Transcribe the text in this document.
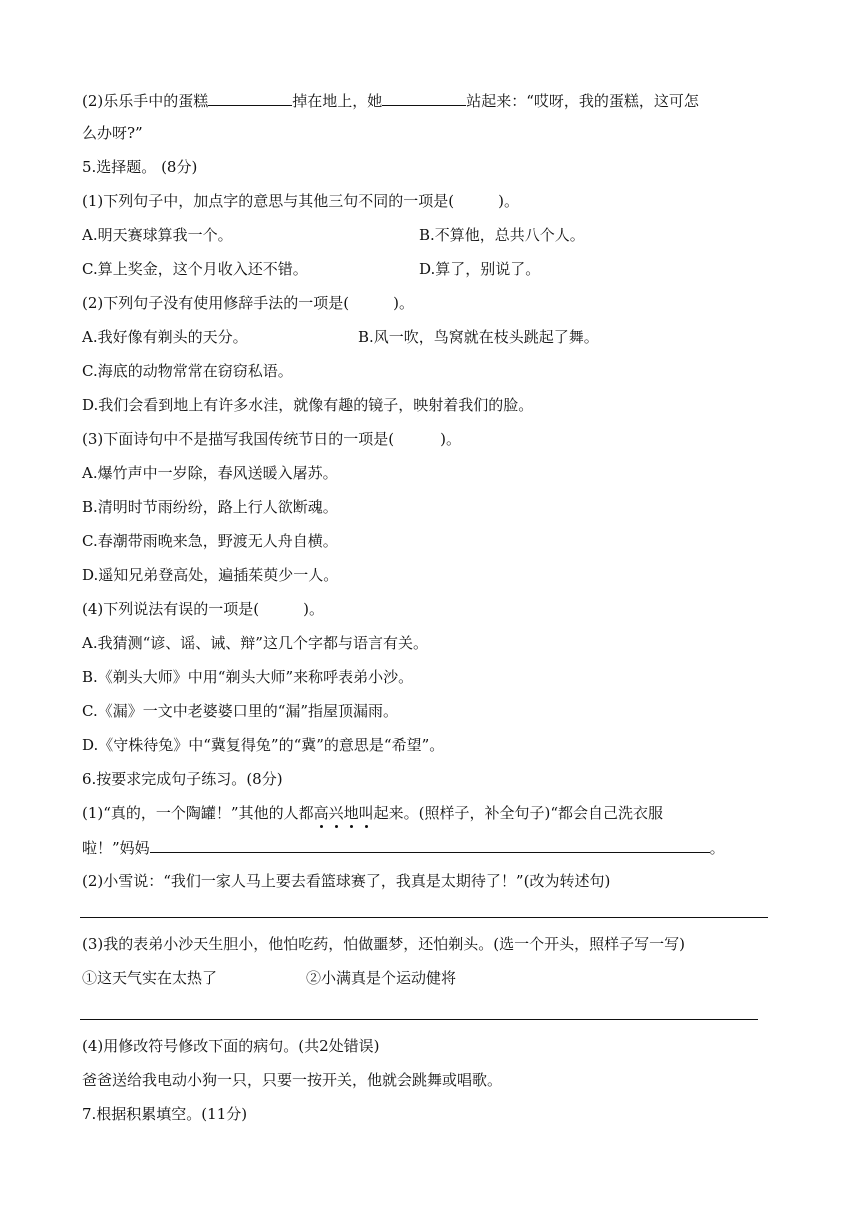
(2)乐乐手中的蛋糕	掉在地上，她	站起来：“哎呀，我的蛋糕，这可怎
么办呀?”
5.选择题。 (8分)
(1)下列句子中，加点字的意思与其他三句不同的一项是(	)。
A.明天赛球算我一个。	B.不算他，总共八个人。
C.算上奖金，这个月收入还不错。	D.算了，别说了。
(2)下列句子没有使用修辞手法的一项是(	)。
A.我好像有剃头的天分。	B.风一吹，鸟窝就在枝头跳起了舞。
C.海底的动物常常在窃窃私语。
D.我们会看到地上有许多水洼，就像有趣的镜子，映射着我们的脸。
(3)下面诗句中不是描写我国传统节日的一项是(	)。
A.爆竹声中一岁除，春风送暖入屠苏。
B.清明时节雨纷纷，路上行人欲断魂。
C.春潮带雨晚来急，野渡无人舟自横。
D.遥知兄弟登高处，遍插茱萸少一人。
(4)下列说法有误的一项是(	)。
A.我猜测“谚、谣、诫、辩”这几个字都与语言有关。
B.《剃头大师》中用“剃头大师”来称呼表弟小沙。
C.《漏》一文中老婆婆口里的“漏”指屋顶漏雨。
D.《守株待兔》中“冀复得兔”的“冀”的意思是“希望”。
6.按要求完成句子练习。(8分)
(1)“真的，一个陶罐！”其他的人都高兴地叫起来。(照样子，补全句子)“都会自己洗衣服
啦！”妈妈	。
(2)小雪说：“我们一家人马上要去看篮球赛了，我真是太期待了！”(改为转述句)
(3)我的表弟小沙天生胆小，他怕吃药，怕做噩梦，还怕剃头。(选一个开头，照样子写一写)
①这天气实在太热了	②小满真是个运动健将
(4)用修改符号修改下面的病句。(共2处错误)
爸爸送给我电动小狗一只，只要一按开关，他就会跳舞或唱歌。
7.根据积累填空。(11分)
